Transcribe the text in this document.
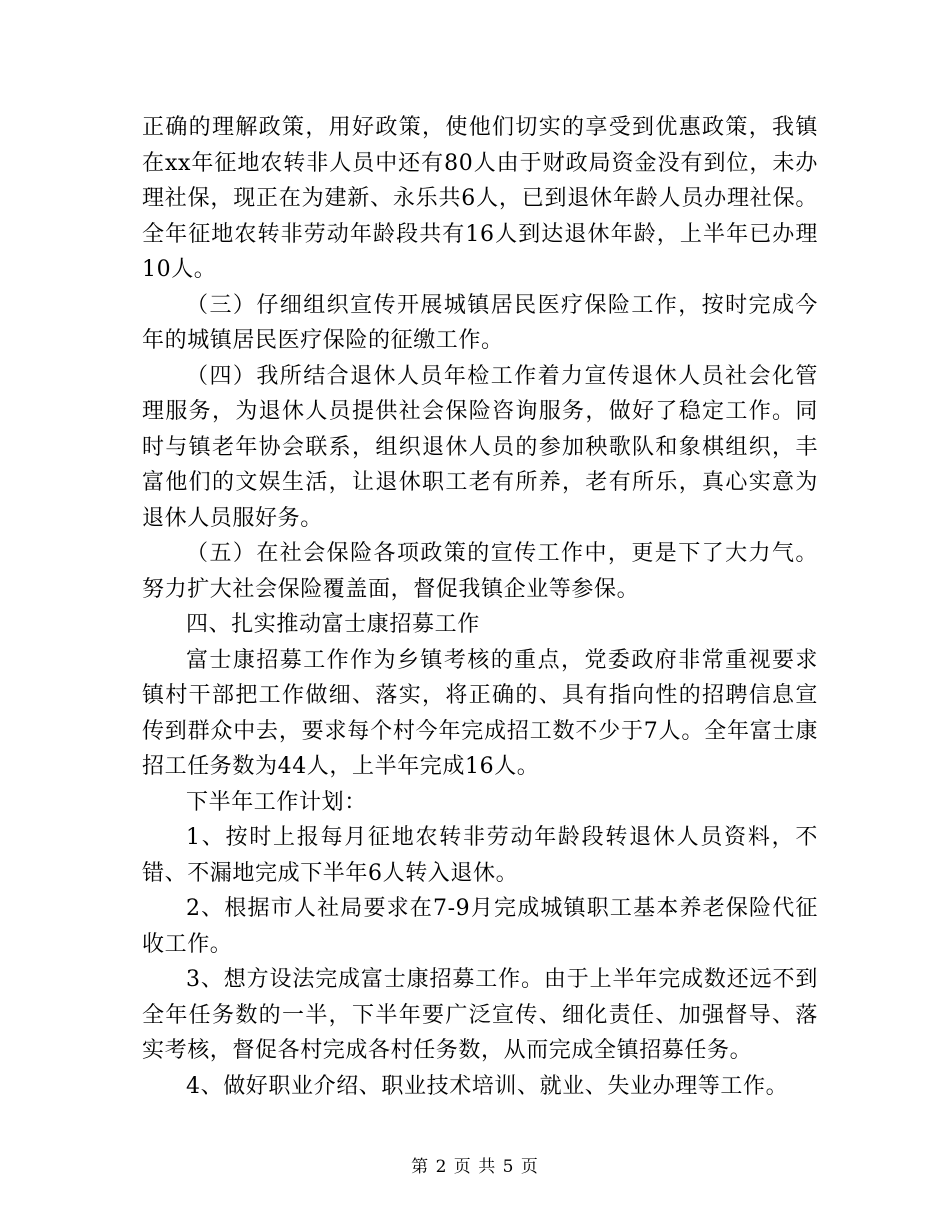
正确的理解政策，用好政策，使他们切实的享受到优惠政策，我镇在xx年征地农转非人员中还有80人由于财政局资金没有到位，未办理社保，现正在为建新、永乐共6人，已到退休年龄人员办理社保。全年征地农转非劳动年龄段共有16人到达退休年龄，上半年已办理10人。

（三）仔细组织宣传开展城镇居民医疗保险工作，按时完成今年的城镇居民医疗保险的征缴工作。

（四）我所结合退休人员年检工作着力宣传退休人员社会化管理服务，为退休人员提供社会保险咨询服务，做好了稳定工作。同时与镇老年协会联系，组织退休人员的参加秧歌队和象棋组织，丰富他们的文娱生活，让退休职工老有所养，老有所乐，真心实意为退休人员服好务。

（五）在社会保险各项政策的宣传工作中，更是下了大力气。努力扩大社会保险覆盖面，督促我镇企业等参保。

四、扎实推动富士康招募工作

富士康招募工作作为乡镇考核的重点，党委政府非常重视要求镇村干部把工作做细、落实，将正确的、具有指向性的招聘信息宣传到群众中去，要求每个村今年完成招工数不少于7人。全年富士康招工任务数为44人，上半年完成16人。

下半年工作计划：

1、按时上报每月征地农转非劳动年龄段转退休人员资料，不错、不漏地完成下半年6人转入退休。

2、根据市人社局要求在7-9月完成城镇职工基本养老保险代征收工作。

3、想方设法完成富士康招募工作。由于上半年完成数还远不到全年任务数的一半，下半年要广泛宣传、细化责任、加强督导、落实考核，督促各村完成各村任务数，从而完成全镇招募任务。

4、做好职业介绍、职业技术培训、就业、失业办理等工作。

第 2 页 共 5 页
